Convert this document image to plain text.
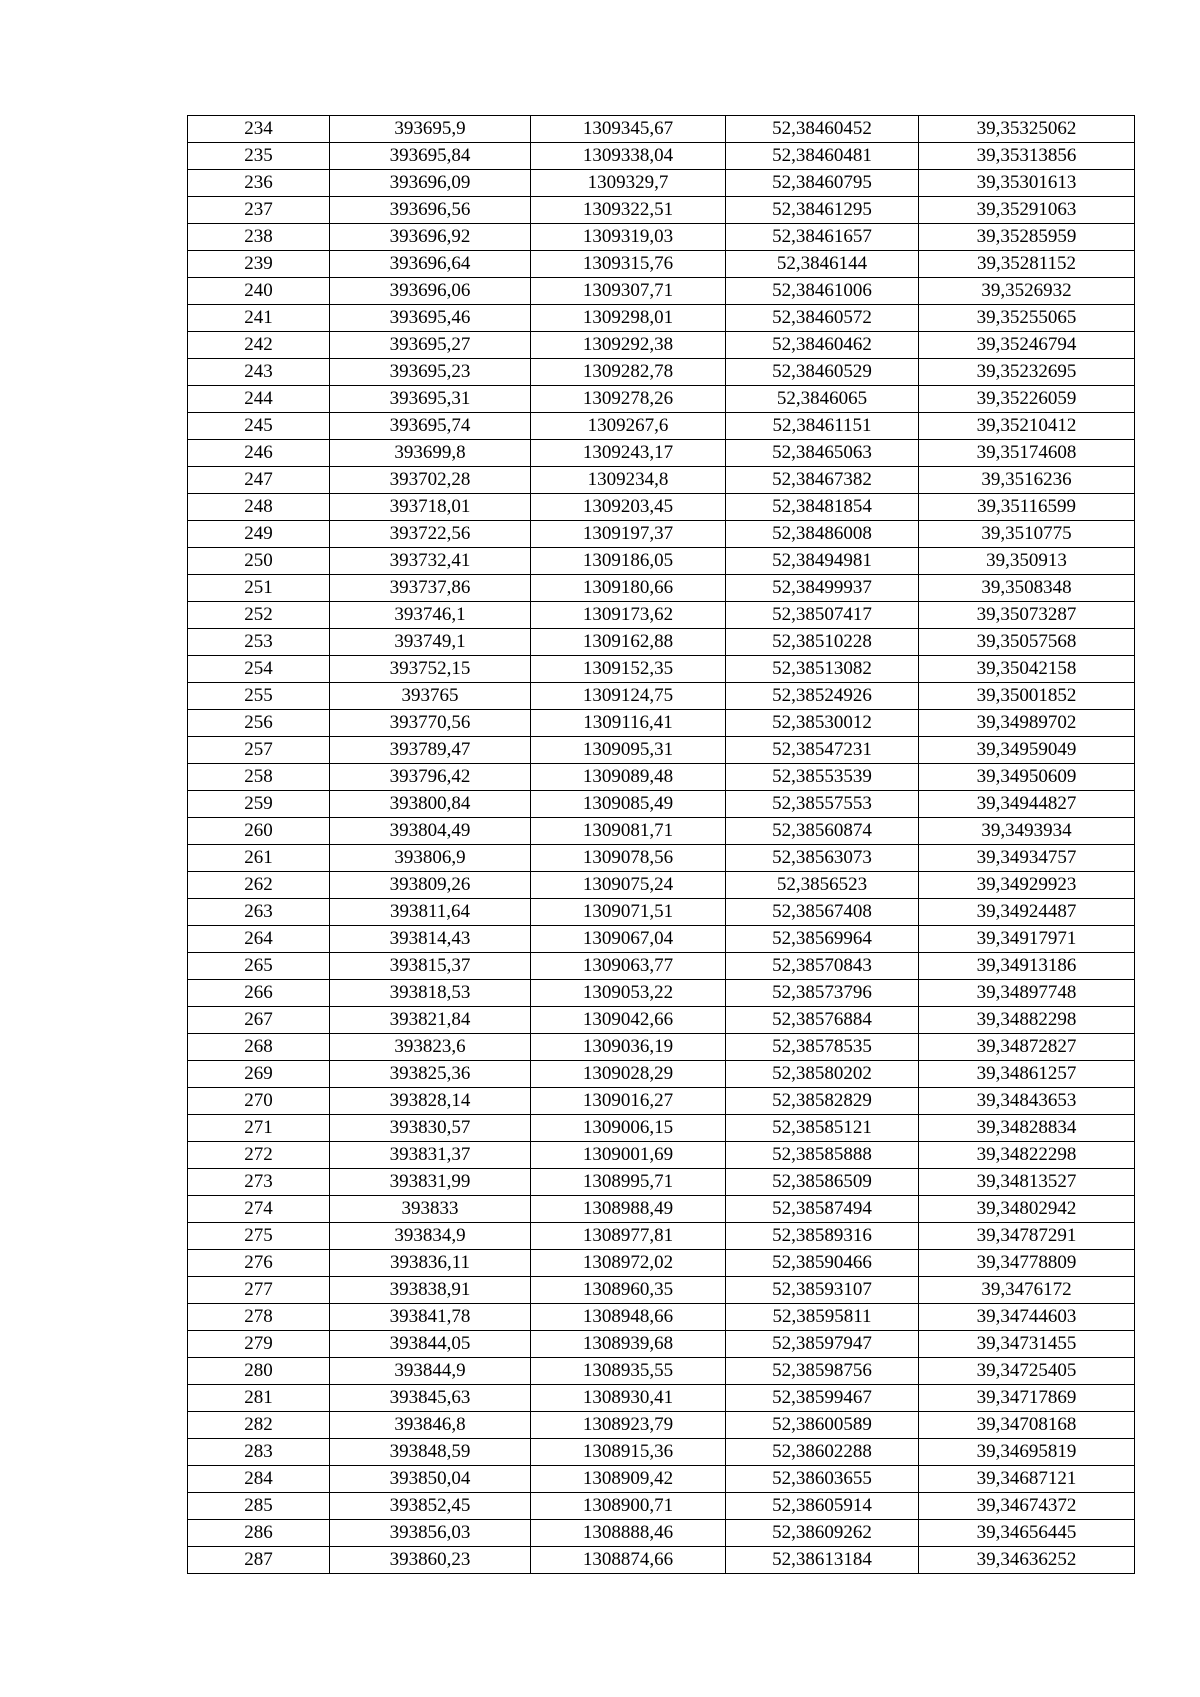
234	393695,9	1309345,67	52,38460452	39,35325062
235	393695,84	1309338,04	52,38460481	39,35313856
236	393696,09	1309329,7	52,38460795	39,35301613
237	393696,56	1309322,51	52,38461295	39,35291063
238	393696,92	1309319,03	52,38461657	39,35285959
239	393696,64	1309315,76	52,3846144	39,35281152
240	393696,06	1309307,71	52,38461006	39,3526932
241	393695,46	1309298,01	52,38460572	39,35255065
242	393695,27	1309292,38	52,38460462	39,35246794
243	393695,23	1309282,78	52,38460529	39,35232695
244	393695,31	1309278,26	52,3846065	39,35226059
245	393695,74	1309267,6	52,38461151	39,35210412
246	393699,8	1309243,17	52,38465063	39,35174608
247	393702,28	1309234,8	52,38467382	39,3516236
248	393718,01	1309203,45	52,38481854	39,35116599
249	393722,56	1309197,37	52,38486008	39,3510775
250	393732,41	1309186,05	52,38494981	39,350913
251	393737,86	1309180,66	52,38499937	39,3508348
252	393746,1	1309173,62	52,38507417	39,35073287
253	393749,1	1309162,88	52,38510228	39,35057568
254	393752,15	1309152,35	52,38513082	39,35042158
255	393765	1309124,75	52,38524926	39,35001852
256	393770,56	1309116,41	52,38530012	39,34989702
257	393789,47	1309095,31	52,38547231	39,34959049
258	393796,42	1309089,48	52,38553539	39,34950609
259	393800,84	1309085,49	52,38557553	39,34944827
260	393804,49	1309081,71	52,38560874	39,3493934
261	393806,9	1309078,56	52,38563073	39,34934757
262	393809,26	1309075,24	52,3856523	39,34929923
263	393811,64	1309071,51	52,38567408	39,34924487
264	393814,43	1309067,04	52,38569964	39,34917971
265	393815,37	1309063,77	52,38570843	39,34913186
266	393818,53	1309053,22	52,38573796	39,34897748
267	393821,84	1309042,66	52,38576884	39,34882298
268	393823,6	1309036,19	52,38578535	39,34872827
269	393825,36	1309028,29	52,38580202	39,34861257
270	393828,14	1309016,27	52,38582829	39,34843653
271	393830,57	1309006,15	52,38585121	39,34828834
272	393831,37	1309001,69	52,38585888	39,34822298
273	393831,99	1308995,71	52,38586509	39,34813527
274	393833	1308988,49	52,38587494	39,34802942
275	393834,9	1308977,81	52,38589316	39,34787291
276	393836,11	1308972,02	52,38590466	39,34778809
277	393838,91	1308960,35	52,38593107	39,3476172
278	393841,78	1308948,66	52,38595811	39,34744603
279	393844,05	1308939,68	52,38597947	39,34731455
280	393844,9	1308935,55	52,38598756	39,34725405
281	393845,63	1308930,41	52,38599467	39,34717869
282	393846,8	1308923,79	52,38600589	39,34708168
283	393848,59	1308915,36	52,38602288	39,34695819
284	393850,04	1308909,42	52,38603655	39,34687121
285	393852,45	1308900,71	52,38605914	39,34674372
286	393856,03	1308888,46	52,38609262	39,34656445
287	393860,23	1308874,66	52,38613184	39,34636252
